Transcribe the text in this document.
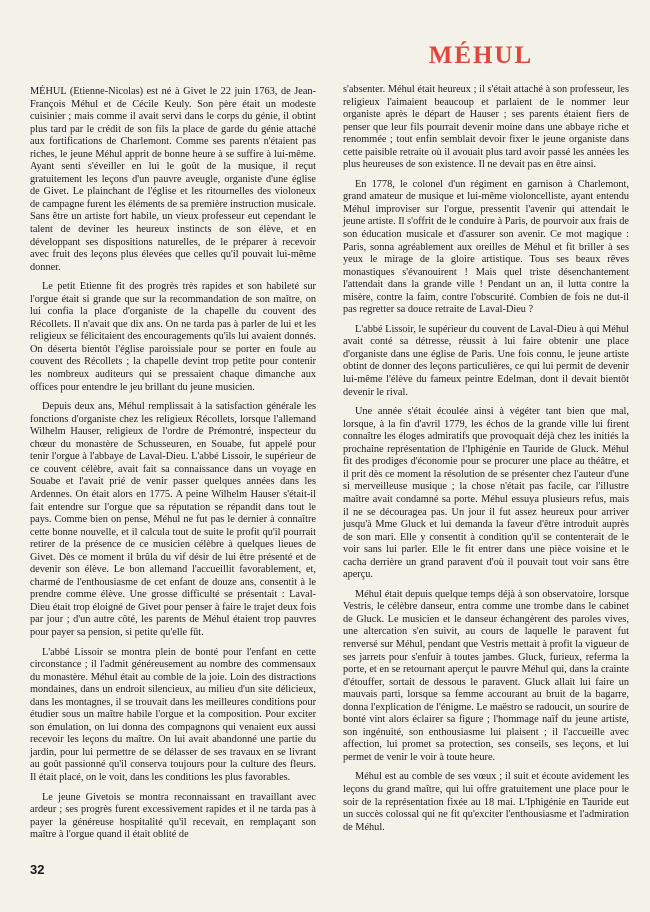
MÉHUL

MÉHUL (Etienne-Nicolas) est né à Givet le 22 juin 1763, de Jean-François Méhul et de Cécile Keuly. Son père était un modeste cuisinier ; mais comme il avait servi dans le corps du génie, il obtint plus tard par le crédit de son fils la place de garde du génie attaché aux fortifications de Charlemont. Comme ses parents n'étaient pas riches, le jeune Méhul apprit de bonne heure à se suffire à lui-même. Ayant senti s'éveiller en lui le goût de la musique, il reçut gratuitement les leçons d'un pauvre aveugle, organiste d'une église de Givet. Le plainchant de l'église et les ritournelles des violoneux de campagne furent les éléments de sa première instruction musicale. Sans être un artiste fort habile, un vieux professeur eut cependant le talent de deviner les heureux instincts de son élève, et en développant ses dispositions naturelles, de le préparer à recevoir avec fruit des leçons plus élevées que celles qu'il pouvait lui-même donner.

Le petit Etienne fit des progrès très rapides et son habileté sur l'orgue était si grande que sur la recommandation de son maître, on lui confia la place d'organiste de la chapelle du couvent des Récollets. Il n'avait que dix ans. On ne tarda pas à parler de lui et les religieux se félicitaient des encouragements qu'ils lui avaient donnés. On déserta bientôt l'église paroissiale pour se porter en foule au couvent des Récollets ; la chapelle devint trop petite pour contenir les nombreux auditeurs qui se pressaient chaque dimanche aux offices pour entendre le jeu brillant du jeune musicien.

Depuis deux ans, Méhul remplissait à la satisfaction générale les fonctions d'organiste chez les religieux Récollets, lorsque l'allemand Wilhelm Hauser, religieux de l'ordre de Prémontré, inspecteur du chœur du monastère de Schusseuren, en Souabe, fut appelé pour tenir l'orgue à l'abbaye de Laval-Dieu. L'abbé Lissoir, le supérieur de ce couvent célèbre, avait fait sa connaissance dans un voyage en Souabe et l'avait prié de venir passer quelques années dans les Ardennes. On était alors en 1775. A peine Wilhelm Hauser s'était-il fait entendre sur l'orgue que sa réputation se répandit dans tout le pays. Comme bien on pense, Méhul ne fut pas le dernier à connaître cette bonne nouvelle, et il calcula tout de suite le profit qu'il pourrait retirer de la présence de ce musicien célèbre à quelques lieues de Givet. Dès ce moment il brûla du vif désir de lui être présenté et de devenir son élève. Le bon allemand l'accueillit favorablement, et, charmé de l'enthousiasme de cet enfant de douze ans, consentit à le prendre comme élève. Une grosse difficulté se présentait : Laval-Dieu était trop éloigné de Givet pour penser à faire le trajet deux fois par jour ; d'un autre côté, les parents de Méhul étaient trop pauvres pour payer sa pension, si petite qu'elle fût.

L'abbé Lissoir se montra plein de bonté pour l'enfant en cette circonstance ; il l'admit généreusement au nombre des commensaux du monastère. Méhul était au comble de la joie. Loin des distractions mondaines, dans un endroit silencieux, au milieu d'un site délicieux, dans les montagnes, il se trouvait dans les meilleures conditions pour étudier sous un maître habile l'orgue et la composition. Pour exciter son émulation, on lui donna des compagnons qui venaient eux aussi recevoir les leçons du maître. On lui avait abandonné une partie du jardin, pour lui permettre de se délasser de ses travaux en se livrant au goût passionné qu'il conserva toujours pour la culture des fleurs. Il était placé, on le voit, dans les conditions les plus favorables.

Le jeune Givetois se montra reconnaissant en travaillant avec ardeur ; ses progrès furent excessivement rapides et il ne tarda pas à payer la généreuse hospitalité qu'il recevait, en remplaçant son maître à l'orgue quand il était oblité de

s'absenter. Méhul était heureux ; il s'était attaché à son professeur, les religieux l'aimaient beaucoup et parlaient de le nommer leur organiste après le départ de Hauser ; ses parents étaient fiers de penser que leur fils pourrait devenir moine dans une abbaye riche et renommée ; tout enfin semblait devoir fixer le jeune organiste dans cette paisible retraite où il avouait plus tard avoir passé les années les plus heureuses de son existence. Il ne devait pas en être ainsi.

En 1778, le colonel d'un régiment en garnison à Charlemont, grand amateur de musique et lui-même violoncelliste, ayant entendu Méhul improviser sur l'orgue, pressentit l'avenir qui attendait le jeune artiste. Il s'offrit de le conduire à Paris, de pourvoir aux frais de son éducation musicale et d'assurer son avenir. Ce mot magique : Paris, sonna agréablement aux oreilles de Méhul et fit briller à ses yeux le mirage de la gloire artistique. Tous ses beaux rêves monastiques s'évanouirent ! Mais quel triste désenchantement l'attendait dans la grande ville ! Pendant un an, il lutta contre la misère, contre la faim, contre l'obscurité. Combien de fois ne dut-il pas regretter sa douce retraite de Laval-Dieu ?

L'abbé Lissoir, le supérieur du couvent de Laval-Dieu à qui Méhul avait conté sa détresse, réussit à lui faire obtenir une place d'organiste dans une église de Paris. Une fois connu, le jeune artiste obtint de donner des leçons particulières, ce qui lui permit de devenir lui-même l'élève du fameux peintre Edelman, dont il devait bientôt devenir le rival.

Une année s'était écoulée ainsi à végéter tant bien que mal, lorsque, à la fin d'avril 1779, les échos de la grande ville lui firent connaître les éloges admiratifs que provoquait déjà chez les initiés la prochaine représentation de l'Iphigénie en Tauride de Gluck. Méhul fit des prodiges d'économie pour se procurer une place au théâtre, et il prit dès ce moment la résolution de se présenter chez l'auteur d'une si merveilleuse musique ; la chose n'était pas facile, car l'illustre maître avait condamné sa porte. Méhul essuya plusieurs refus, mais il ne se découragea pas. Un jour il fut assez heureux pour arriver jusqu'à Mme Gluck et lui demanda la faveur d'être introduit auprès de son mari. Elle y consentit à condition qu'il se contenterait de le voir sans lui parler. Elle le fit entrer dans une pièce voisine et le cacha derrière un grand paravent d'où il pouvait tout voir sans être aperçu.

Méhul était depuis quelque temps déjà à son observatoire, lorsque Vestris, le célèbre danseur, entra comme une trombe dans le cabinet de Gluck. Le musicien et le danseur échangèrent des paroles vives, une altercation s'en suivit, au cours de laquelle le paravent fut renversé sur Méhul, pendant que Vestris mettait à profit la vigueur de ses jarrets pour s'enfuir à toutes jambes. Gluck, furieux, referma la porte, et en se retournant aperçut le pauvre Méhul qui, dans la crainte d'étouffer, sortait de dessous le paravent. Gluck allait lui faire un mauvais parti, lorsque sa femme accourant au bruit de la bagarre, donna l'explication de l'énigme. Le maëstro se radoucit, un sourire de bonté vint alors éclairer sa figure ; l'hommage naïf du jeune artiste, son ingénuité, son enthousiasme lui plaisent ; il l'accueille avec affection, lui promet sa protection, ses conseils, ses leçons, et lui permet de venir le voir à toute heure.

Méhul est au comble de ses vœux ; il suit et écoute avidement les leçons du grand maître, qui lui offre gratuitement une place pour le soir de la représentation fixée au 18 mai. L'Iphigénie en Tauride eut un succès colossal qui ne fit qu'exciter l'enthousiasme et l'admiration de Méhul.

32
